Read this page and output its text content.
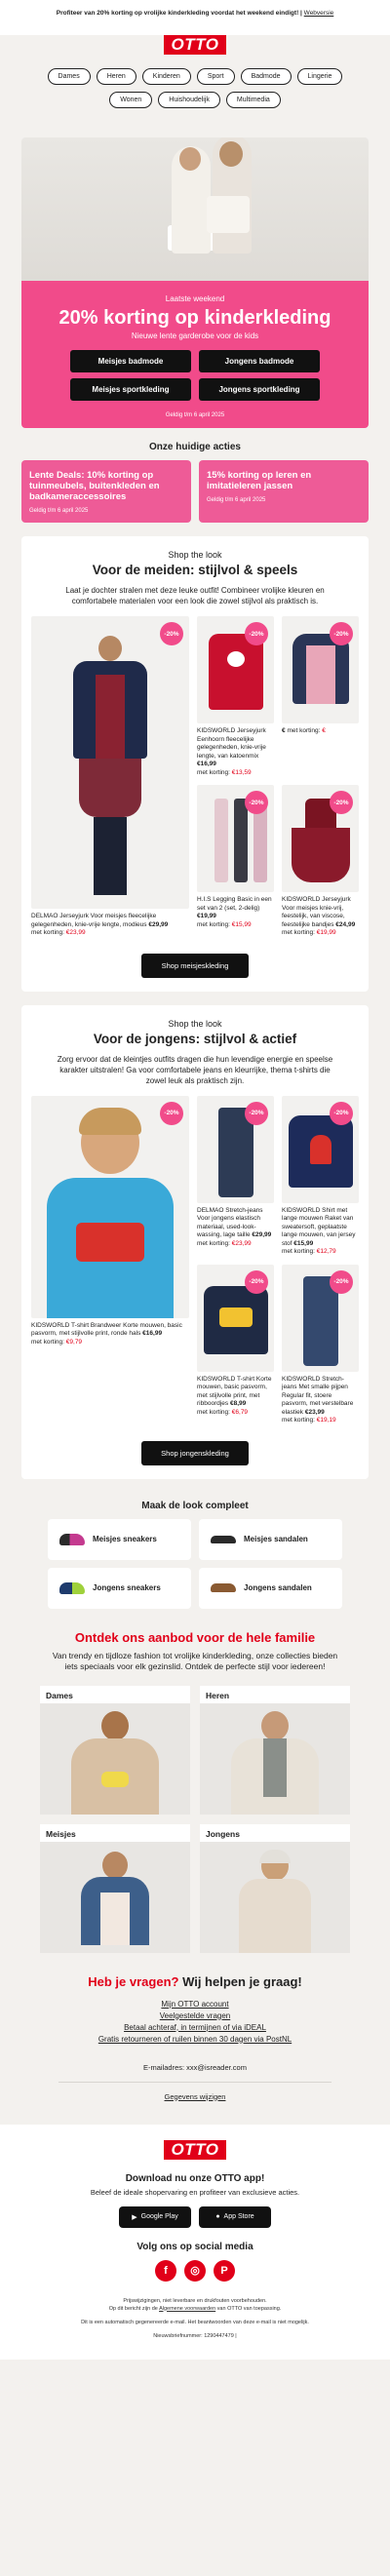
Profiteer van 20% korting op vrolijke kinderkleding voordat het weekend eindigt! | Webversie
OTTO
Dames	Heren	Kinderen	Sport	Badmode	Lingerie
Wonen	Huishoudelijk	Multimedia
Laatste weekend
20% korting op kinderkleding
Nieuwe lente garderobe voor de kids
Meisjes badmode	Jongens badmode
Meisjes sportkleding	Jongens sportkleding
Geldig t/m 6 april 2025
Onze huidige acties
Lente Deals: 10% korting op tuinmeubels, buitenkleden en badkameraccessoires
Geldig t/m 6 april 2025
15% korting op leren en imitatieleren jassen
Geldig t/m 6 april 2025
Shop the look
Voor de meiden: stijlvol & speels
Laat je dochter stralen met deze leuke outfit! Combineer vrolijke kleuren en comfortabele materialen voor een look die zowel stijlvol als praktisch is.
-20%
DELMAO Jerseyjurk Voor meisjes fleecelijke gelegenheden, knie-vrije lengte, modieus €29,99
met korting: €23,99
-20%
KIDSWORLD Jerseyjurk Eenhoorn fleecelijke gelegenheden, knie-vrije lengte, van katoenmix €16,99
met korting: €13,59
-20%
€ met korting: €
-20%
H.I.S Legging Basic in een set van 2 (set, 2-delig) €19,99
met korting: €15,99
-20%
KIDSWORLD Jerseyjurk Voor meisjes knie-vrij, feestelijk, van viscose, feestelijke bandjes €24,99
met korting: €19,99
Shop meisjeskleding
Shop the look
Voor de jongens: stijlvol & actief
Zorg ervoor dat de kleintjes outfits dragen die hun levendige energie en speelse karakter uitstralen! Ga voor comfortabele jeans en kleurrijke, thema t-shirts die zowel leuk als praktisch zijn.
-20%
KIDSWORLD T-shirt Brandweer Korte mouwen, basic pasvorm, met stijlvolle print, ronde hals €16,99
met korting: €9,79
-20%
DELMAO Stretch-jeans Voor jongens elastisch materiaal, used-look-wassing, lage taille €29,99
met korting: €23,99
-20%
KIDSWORLD Shirt met lange mouwen Raket van sweatersoft, geplaatste lange mouwen, van jersey stof €15,99
met korting: €12,79
-20%
KIDSWORLD T-shirt Korte mouwen, basic pasvorm, met stijlvolle print, met ribboordjes €8,99
met korting: €6,79
-20%
KIDSWORLD Stretch-jeans Met smalle pijpen Regular fit, stoere pasvorm, met verstelbare elastiek €23,99
met korting: €19,19
Shop jongenskleding
Maak de look compleet
Meisjes sneakers	Meisjes sandalen
Jongens sneakers	Jongens sandalen
Ontdek ons aanbod voor de hele familie
Van trendy en tijdloze fashion tot vrolijke kinderkleding, onze collecties bieden iets speciaals voor elk gezinslid. Ontdek de perfecte stijl voor iedereen!
Dames	Heren
Meisjes	Jongens
Heb je vragen? Wij helpen je graag!
Mijn OTTO account
Veelgestelde vragen
Betaal achteraf, in termijnen of via iDEAL
Gratis retourneren of ruilen binnen 30 dagen via PostNL
E-mailadres: xxx@isreader.com
Gegevens wijzigen
OTTO
Download nu onze OTTO app!
Beleef de ideale shopervaring en profiteer van exclusieve acties.
▶ Google Play	● App Store
Volg ons op social media
f	◎	P
Prijswijzigingen, niet leverbare en drukfouten voorbehouden.
Op dit bericht zijn de Algemene voorwaarden van OTTO van toepassing.
Dit is een automatisch gegenereerde e-mail. Het beantwoorden van deze e-mail is niet mogelijk.
Nieuwsbriefnummer: 1290447479 |
